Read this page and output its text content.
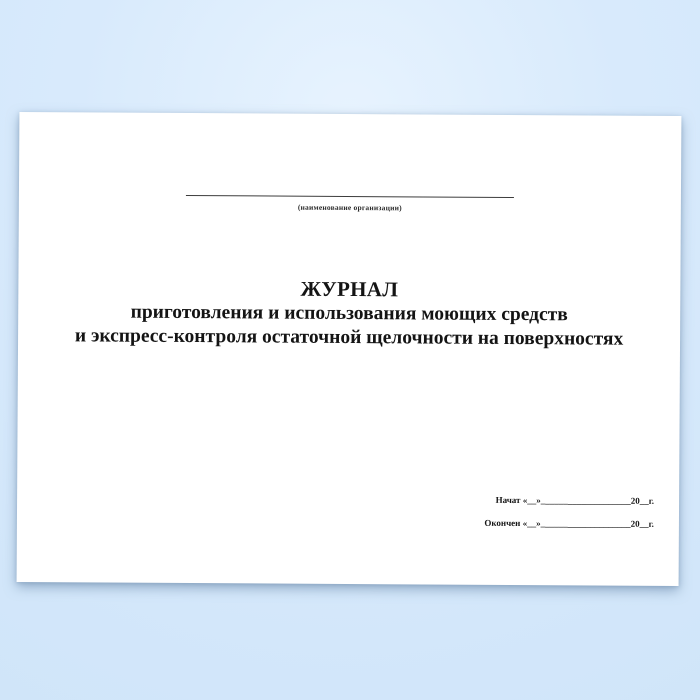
(наименование организации)
ЖУРНАЛ
приготовления и использования моющих средств
и экспресс-контроля остаточной щелочности на поверхностях
Начат «__»____________________20__г.
Окончен «__»____________________20__г.
